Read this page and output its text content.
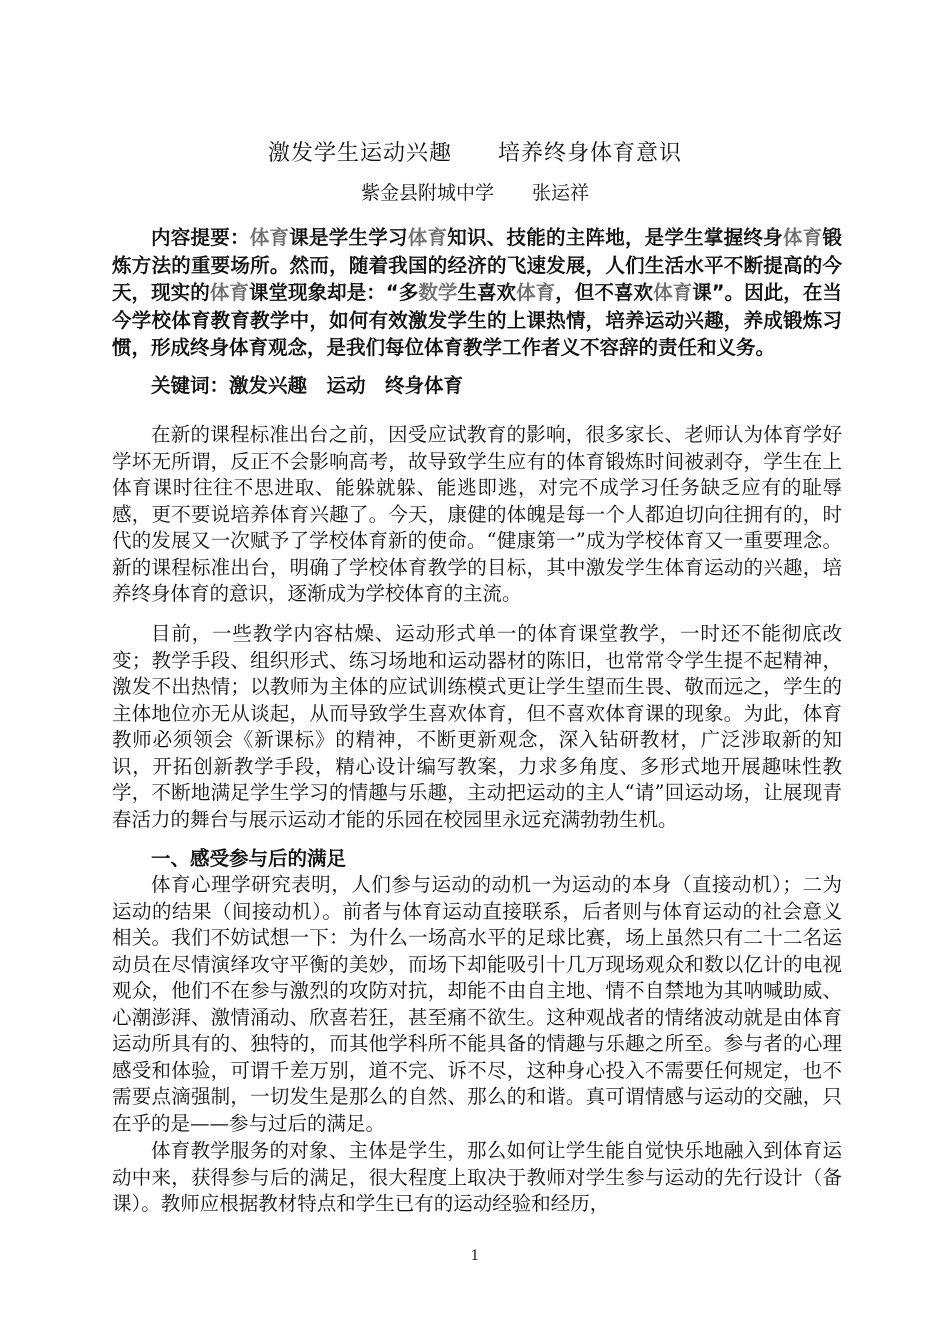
激发学生运动兴趣　　培养终身体育意识
紫金县附城中学　　张运祥
内容提要：体育课是学生学习体育知识、技能的主阵地，是学生掌握终身体育锻炼方法的重要场所。然而，随着我国的经济的飞速发展，人们生活水平不断提高的今天，现实的体育课堂现象却是：“多数学生喜欢体育，但不喜欢体育课”。因此，在当今学校体育教育教学中，如何有效激发学生的上课热情，培养运动兴趣，养成锻炼习惯，形成终身体育观念，是我们每位体育教学工作者义不容辞的责任和义务。
关键词：激发兴趣　运动　终身体育
在新的课程标准出台之前，因受应试教育的影响，很多家长、老师认为体育学好学坏无所谓，反正不会影响高考，故导致学生应有的体育锻炼时间被剥夺，学生在上体育课时往往不思进取、能躲就躲、能逃即逃，对完不成学习任务缺乏应有的耻辱感，更不要说培养体育兴趣了。今天，康健的体魄是每一个人都迫切向往拥有的，时代的发展又一次赋予了学校体育新的使命。“健康第一”成为学校体育又一重要理念。新的课程标准出台，明确了学校体育教学的目标，其中激发学生体育运动的兴趣，培养终身体育的意识，逐渐成为学校体育的主流。
目前，一些教学内容枯燥、运动形式单一的体育课堂教学，一时还不能彻底改变；教学手段、组织形式、练习场地和运动器材的陈旧，也常常令学生提不起精神，激发不出热情；以教师为主体的应试训练模式更让学生望而生畏、敬而远之，学生的主体地位亦无从谈起，从而导致学生喜欢体育，但不喜欢体育课的现象。为此，体育教师必须领会《新课标》的精神，不断更新观念，深入钻研教材，广泛涉取新的知识，开拓创新教学手段，精心设计编写教案，力求多角度、多形式地开展趣味性教学，不断地满足学生学习的情趣与乐趣，主动把运动的主人“请”回运动场，让展现青春活力的舞台与展示运动才能的乐园在校园里永远充满勃勃生机。
一、感受参与后的满足
体育心理学研究表明，人们参与运动的动机一为运动的本身（直接动机）；二为运动的结果（间接动机）。前者与体育运动直接联系，后者则与体育运动的社会意义相关。我们不妨试想一下：为什么一场高水平的足球比赛，场上虽然只有二十二名运动员在尽情演绎攻守平衡的美妙，而场下却能吸引十几万现场观众和数以亿计的电视观众，他们不在参与激烈的攻防对抗，却能不由自主地、情不自禁地为其呐喊助威、心潮澎湃、激情涌动、欣喜若狂，甚至痛不欲生。这种观战者的情绪波动就是由体育运动所具有的、独特的，而其他学科所不能具备的情趣与乐趣之所至。参与者的心理感受和体验，可谓千差万别，道不完、诉不尽，这种身心投入不需要任何规定，也不需要点滴强制，一切发生是那么的自然、那么的和谐。真可谓情感与运动的交融，只在乎的是——参与过后的满足。
体育教学服务的对象、主体是学生，那么如何让学生能自觉快乐地融入到体育运动中来，获得参与后的满足，很大程度上取决于教师对学生参与运动的先行设计（备课）。教师应根据教材特点和学生已有的运动经验和经历，
1
